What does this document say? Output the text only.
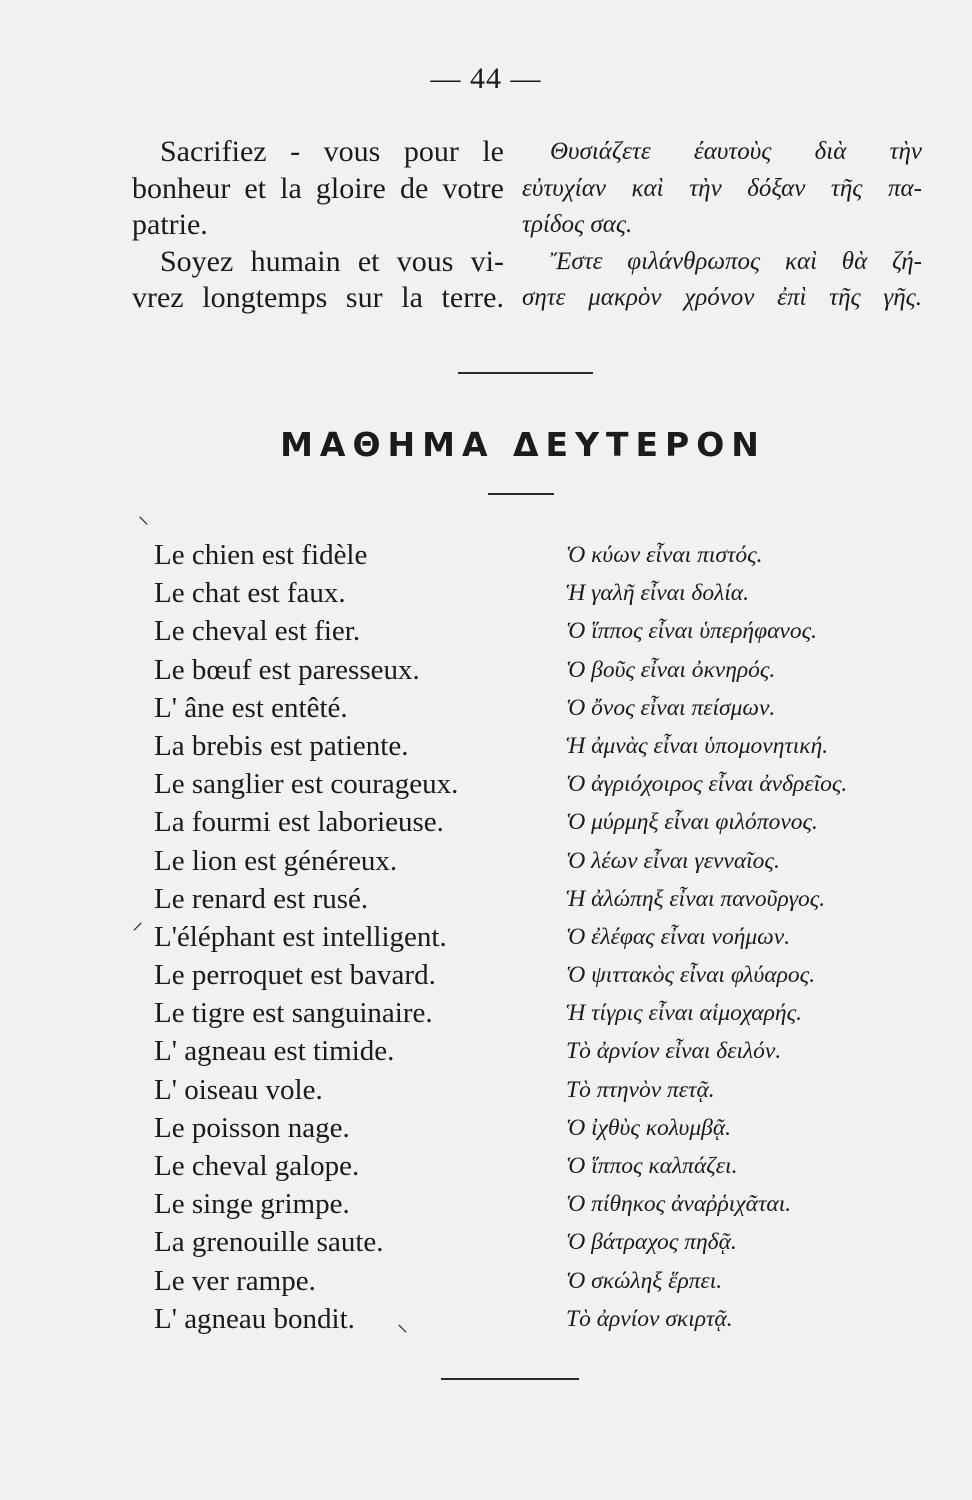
— 44 —
Sacrifiez - vous pour le
bonheur et la gloire de votre
patrie.
Soyez humain et vous vi-
vrez longtemps sur la terre.
Θυσιάζετε έαυτοὺς διὰ τὴν
εὐτυχίαν καὶ τὴν δόξαν τῆς πα-
τρίδος σας.
Ἔστε φιλάνθρωπος καὶ θὰ ζή-
σητε μακρὸν χρόνον ἐπὶ τῆς γῆς.
ΜΑΘΗΜΑ ΔΕΥΤΕΡΟΝ
Le chien est fidèle
Le chat est faux.
Le cheval est fier.
Le bœuf est paresseux.
L' âne est entêté.
La brebis est patiente.
Le sanglier est courageux.
La fourmi est laborieuse.
Le lion est généreux.
Le renard est rusé.
L'éléphant est intelligent.
Le perroquet est bavard.
Le tigre est sanguinaire.
L' agneau est timide.
L' oiseau vole.
Le poisson nage.
Le cheval galope.
Le singe grimpe.
La grenouille saute.
Le ver rampe.
L' agneau bondit.
Ὁ κύων εἶναι πιστός.
Ἡ γαλῆ εἶναι δολία.
Ὁ ἵππος εἶναι ὑπερήφανος.
Ὁ βοῦς εἶναι ὀκνηρός.
Ὁ ὄνος εἶναι πείσμων.
Ἡ ἀμνὰς εἶναι ὑπομονητική.
Ὁ ἀγριόχοιρος εἶναι ἀνδρεῖος.
Ὁ μύρμηξ εἶναι φιλόπονος.
Ὁ λέων εἶναι γενναῖος.
Ἡ ἀλώπηξ εἶναι πανοῦργος.
Ὁ ἐλέφας εἶναι νοήμων.
Ὁ ψιττακὸς εἶναι φλύαρος.
Ἡ τίγρις εἶναι αἱμοχαρής.
Τὸ ἀρνίον εἶναι δειλόν.
Τὸ πτηνὸν πετᾷ.
Ὁ ἰχθὺς κολυμβᾷ.
Ὁ ἵππος καλπάζει.
Ὁ πίθηκος ἀναῤῥιχᾶται.
Ὁ βάτραχος πηδᾷ.
Ὁ σκώληξ ἕρπει.
Τὸ ἀρνίον σκιρτᾷ.
⸜
⸝
⸜
